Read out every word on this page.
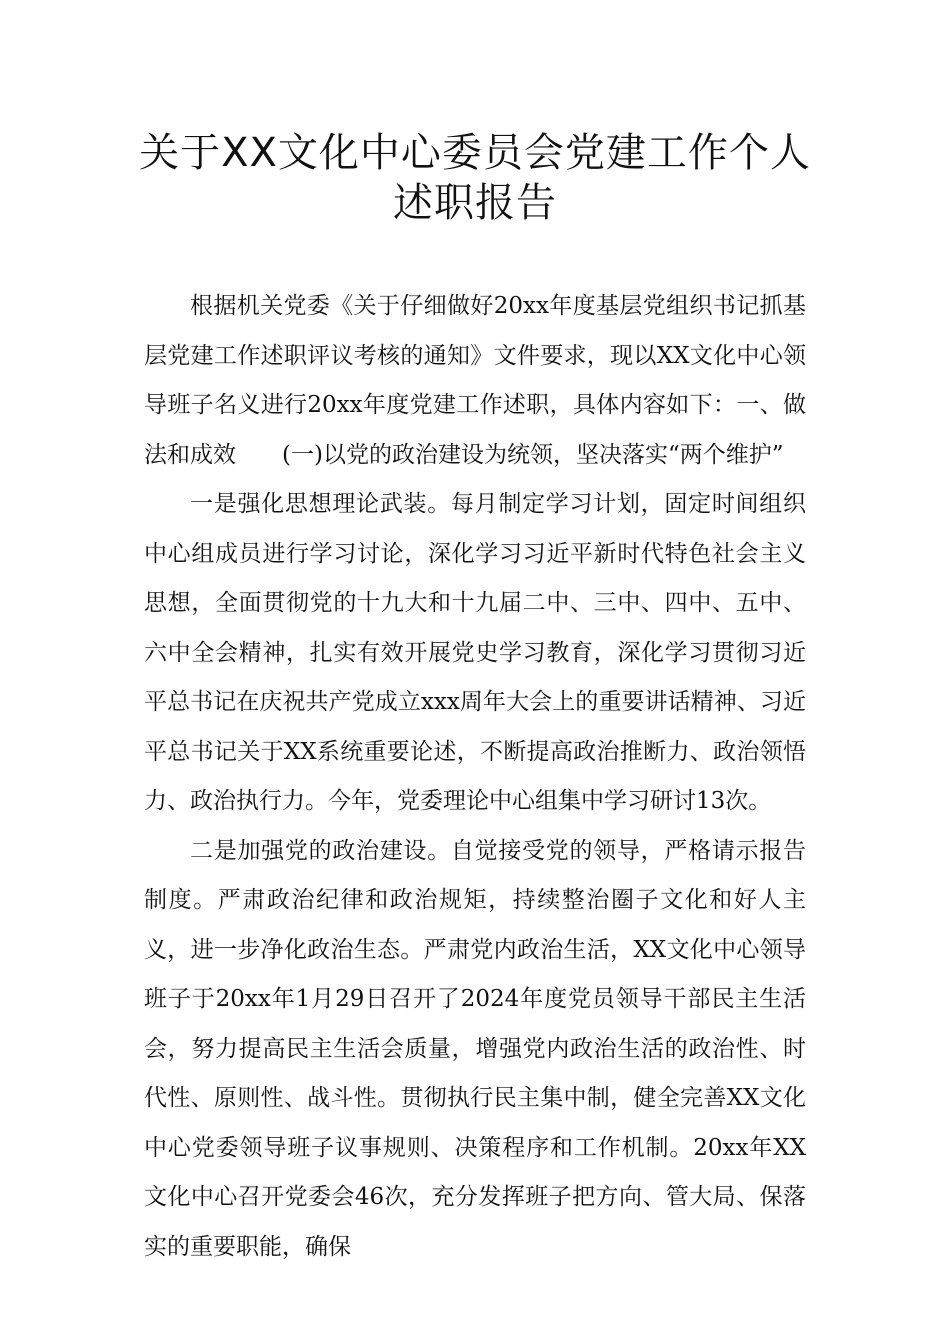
关于XX文化中心委员会党建工作个人述职报告

根据机关党委《关于仔细做好20xx年度基层党组织书记抓基层党建工作述职评议考核的通知》文件要求，现以XX文化中心领导班子名义进行20xx年度党建工作述职，具体内容如下：一、做法和成效　　(一)以党的政治建设为统领，坚决落实“两个维护”

一是强化思想理论武装。每月制定学习计划，固定时间组织中心组成员进行学习讨论，深化学习习近平新时代特色社会主义思想，全面贯彻党的十九大和十九届二中、三中、四中、五中、六中全会精神，扎实有效开展党史学习教育，深化学习贯彻习近平总书记在庆祝共产党成立xxx周年大会上的重要讲话精神、习近平总书记关于XX系统重要论述，不断提高政治推断力、政治领悟力、政治执行力。今年，党委理论中心组集中学习研讨13次。

二是加强党的政治建设。自觉接受党的领导，严格请示报告制度。严肃政治纪律和政治规矩，持续整治圈子文化和好人主义，进一步净化政治生态。严肃党内政治生活，XX文化中心领导班子于20xx年1月29日召开了2024年度党员领导干部民主生活会，努力提高民主生活会质量，增强党内政治生活的政治性、时代性、原则性、战斗性。贯彻执行民主集中制，健全完善XX文化中心党委领导班子议事规则、决策程序和工作机制。20xx年XX文化中心召开党委会46次，充分发挥班子把方向、管大局、保落实的重要职能，确保
